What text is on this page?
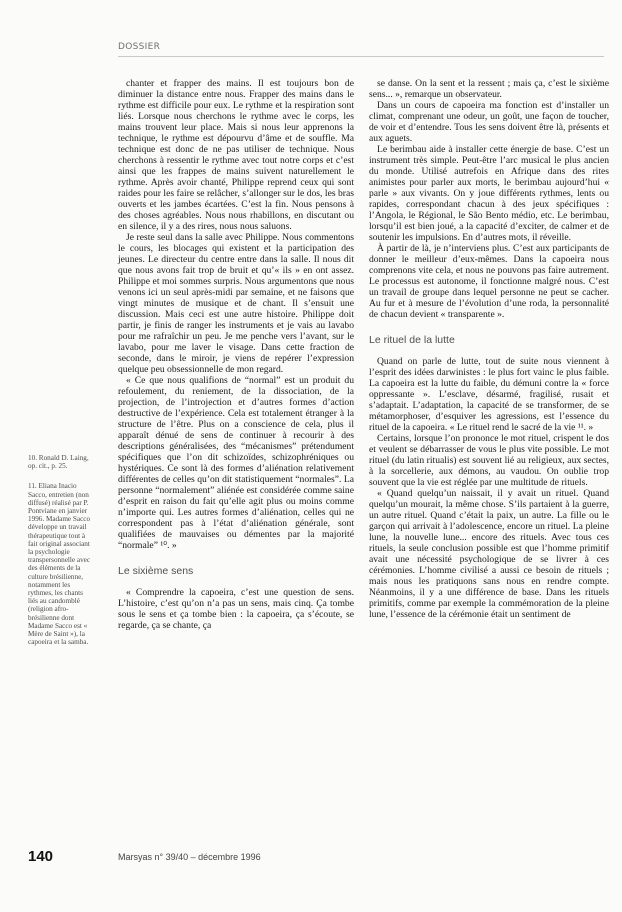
DOSSIER

chanter et frapper des mains. Il est toujours bon de diminuer la distance entre nous. Frapper des mains dans le rythme est difficile pour eux. Le rythme et la respiration sont liés. Lorsque nous cherchons le rythme avec le corps, les mains trouvent leur place. Mais si nous leur apprenons la technique, le rythme est dépourvu d’âme et de souffle. Ma technique est donc de ne pas utiliser de technique. Nous cherchons à ressentir le rythme avec tout notre corps et c’est ainsi que les frappes de mains suivent naturellement le rythme. Après avoir chanté, Philippe reprend ceux qui sont raides pour les faire se relâcher, s’allonger sur le dos, les bras ouverts et les jambes écartées. C’est la fin. Nous pensons à des choses agréables. Nous nous rhabillons, en discutant ou en silence, il y a des rires, nous nous saluons.

Je reste seul dans la salle avec Philippe. Nous commentons le cours, les blocages qui existent et la participation des jeunes. Le directeur du centre entre dans la salle. Il nous dit que nous avons fait trop de bruit et qu’« ils » en ont assez. Philippe et moi sommes surpris. Nous argumentons que nous venons ici un seul après-midi par semaine, et ne faisons que vingt minutes de musique et de chant. Il s’ensuit une discussion. Mais ceci est une autre histoire. Philippe doit partir, je finis de ranger les instruments et je vais au lavabo pour me rafraîchir un peu. Je me penche vers l’avant, sur le lavabo, pour me laver le visage. Dans cette fraction de seconde, dans le miroir, je viens de repérer l’expression quelque peu obsessionnelle de mon regard.

« Ce que nous qualifions de “normal” est un produit du refoulement, du reniement, de la dissociation, de la projection, de l’introjection et d’autres formes d’action destructive de l’expérience. Cela est totalement étranger à la structure de l’être. Plus on a conscience de cela, plus il apparaît dénué de sens de continuer à recourir à des descriptions généralisées, des “mécanismes” prétendument spécifiques que l’on dit schizoïdes, schizophréniques ou hystériques. Ce sont là des formes d’aliénation relativement différentes de celles qu’on dit statistiquement “normales”. La personne “normalement” aliénée est considérée comme saine d’esprit en raison du fait qu’elle agit plus ou moins comme n’importe qui. Les autres formes d’aliénation, celles qui ne correspondent pas à l’état d’aliénation générale, sont qualifiées de mauvaises ou démentes par la majorité “normale” ¹⁰. »

Le sixième sens

« Comprendre la capoeira, c’est une question de sens. L’histoire, c’est qu’on n’a pas un sens, mais cinq. Ça tombe sous le sens et ça tombe bien : la capoeira, ça s’écoute, se regarde, ça se chante, ça

se danse. On la sent et la ressent ; mais ça, c’est le sixième sens... », remarque un observateur.

Dans un cours de capoeira ma fonction est d’installer un climat, comprenant une odeur, un goût, une façon de toucher, de voir et d’entendre. Tous les sens doivent être là, présents et aux aguets.

Le berimbau aide à installer cette énergie de base. C’est un instrument très simple. Peut-être l’arc musical le plus ancien du monde. Utilisé autrefois en Afrique dans des rites animistes pour parler aux morts, le berimbau aujourd’hui « parle » aux vivants. On y joue différents rythmes, lents ou rapides, correspondant chacun à des jeux spécifiques : l’Angola, le Régional, le São Bento médio, etc. Le berimbau, lorsqu’il est bien joué, a la capacité d’exciter, de calmer et de soutenir les impulsions. En d’autres mots, il réveille.

À partir de là, je n’interviens plus. C’est aux participants de donner le meilleur d’eux-mêmes. Dans la capoeira nous comprenons vite cela, et nous ne pouvons pas faire autrement. Le processus est autonome, il fonctionne malgré nous. C’est un travail de groupe dans lequel personne ne peut se cacher. Au fur et à mesure de l’évolution d’une roda, la personnalité de chacun devient « transparente ».

Le rituel de la lutte

Quand on parle de lutte, tout de suite nous viennent à l’esprit des idées darwinistes : le plus fort vainc le plus faible. La capoeira est la lutte du faible, du démuni contre la « force oppressante ». L’esclave, désarmé, fragilisé, rusait et s’adaptait. L’adaptation, la capacité de se transformer, de se métamorphoser, d’esquiver les agressions, est l’essence du rituel de la capoeira. « Le rituel rend le sacré de la vie ¹¹. »

Certains, lorsque l’on prononce le mot rituel, crispent le dos et veulent se débarrasser de vous le plus vite possible. Le mot rituel (du latin ritualis) est souvent lié au religieux, aux sectes, à la sorcellerie, aux démons, au vaudou. On oublie trop souvent que la vie est réglée par une multitude de rituels.

« Quand quelqu’un naissait, il y avait un rituel. Quand quelqu’un mourait, la même chose. S’ils partaient à la guerre, un autre rituel. Quand c’était la paix, un autre. La fille ou le garçon qui arrivait à l’adolescence, encore un rituel. La pleine lune, la nouvelle lune... encore des rituels. Avec tous ces rituels, la seule conclusion possible est que l’homme primitif avait une nécessité psychologique de se livrer à ces cérémonies. L’homme civilisé a aussi ce besoin de rituels ; mais nous les pratiquons sans nous en rendre compte. Néanmoins, il y a une différence de base. Dans les rituels primitifs, comme par exemple la commémoration de la pleine lune, l’essence de la cérémonie était un sentiment de

10. Ronald D. Laing, op. cit., p. 25.
11. Eliana Inacio Sacco, entretien (non diffusé) réalisé par P. Pontviane en janvier 1996. Madame Sacco développe un travail thérapeutique tout à fait original associant la psychologie transpersonnelle avec des éléments de la culture brésilienne, notamment les rythmes, les chants liés au candomblé (religion afro-brésilienne dont Madame Sacco est « Mère de Saint »), la capoeira et la samba.
140	Marsyas n° 39/40 – décembre 1996
